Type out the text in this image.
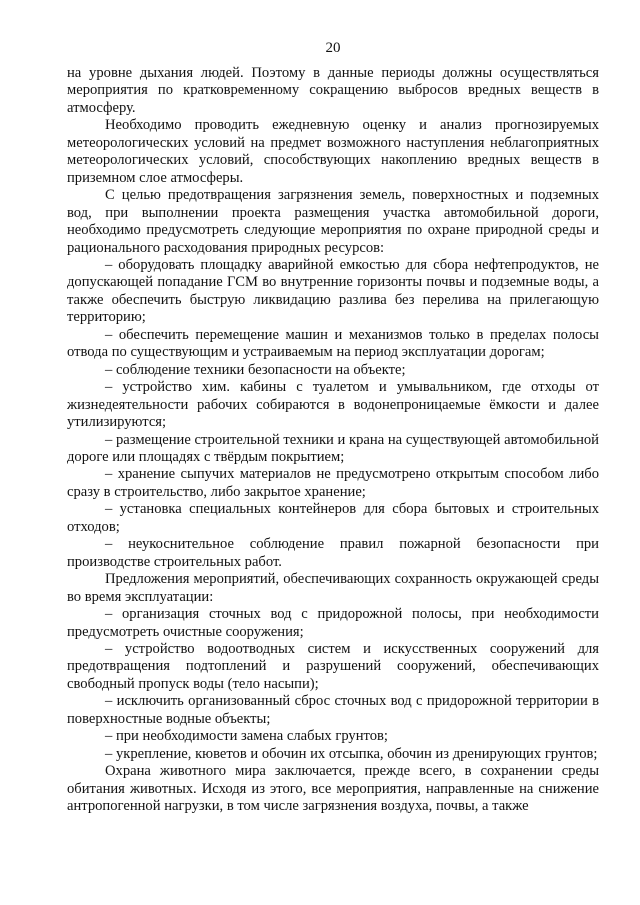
20

на уровне дыхания людей. Поэтому в данные периоды должны осуществляться мероприятия по кратковременному сокращению выбросов вредных веществ в атмосферу.

Необходимо проводить ежедневную оценку и анализ прогнозируемых метеорологических условий на предмет возможного наступления неблагоприятных метеорологических условий, способствующих накоплению вредных веществ в приземном слое атмосферы.

С целью предотвращения загрязнения земель, поверхностных и подземных вод, при выполнении проекта размещения участка автомобильной дороги, необходимо предусмотреть следующие мероприятия по охране природной среды и рационального расходования природных ресурсов:

– оборудовать площадку аварийной емкостью для сбора нефтепродуктов, не допускающей попадание ГСМ во внутренние горизонты почвы и подземные воды, а также обеспечить быструю ликвидацию разлива без перелива на прилегающую территорию;

– обеспечить перемещение машин и механизмов только в пределах полосы отвода по существующим и устраиваемым на период эксплуатации дорогам;

– соблюдение техники безопасности на объекте;

– устройство хим. кабины с туалетом и умывальником, где отходы от жизнедеятельности рабочих собираются в водонепроницаемые ёмкости и далее утилизируются;

– размещение строительной техники и крана на существующей автомобильной дороге или площадях с твёрдым покрытием;

– хранение сыпучих материалов не предусмотрено открытым способом либо сразу в строительство, либо закрытое хранение;

– установка специальных контейнеров для сбора бытовых и строительных отходов;

– неукоснительное соблюдение правил пожарной безопасности при производстве строительных работ.

Предложения мероприятий, обеспечивающих сохранность окружающей среды во время эксплуатации:

– организация сточных вод с придорожной полосы, при необходимости предусмотреть очистные сооружения;

– устройство водоотводных систем и искусственных сооружений для предотвращения подтоплений и разрушений сооружений, обеспечивающих свободный пропуск воды (тело насыпи);

– исключить организованный сброс сточных вод с придорожной территории в поверхностные водные объекты;

– при необходимости замена слабых грунтов;

– укрепление, кюветов и обочин их отсыпка, обочин из дренирующих грунтов;

Охрана животного мира заключается, прежде всего, в сохранении среды обитания животных. Исходя из этого, все мероприятия, направленные на снижение антропогенной нагрузки, в том числе загрязнения воздуха, почвы, а также
